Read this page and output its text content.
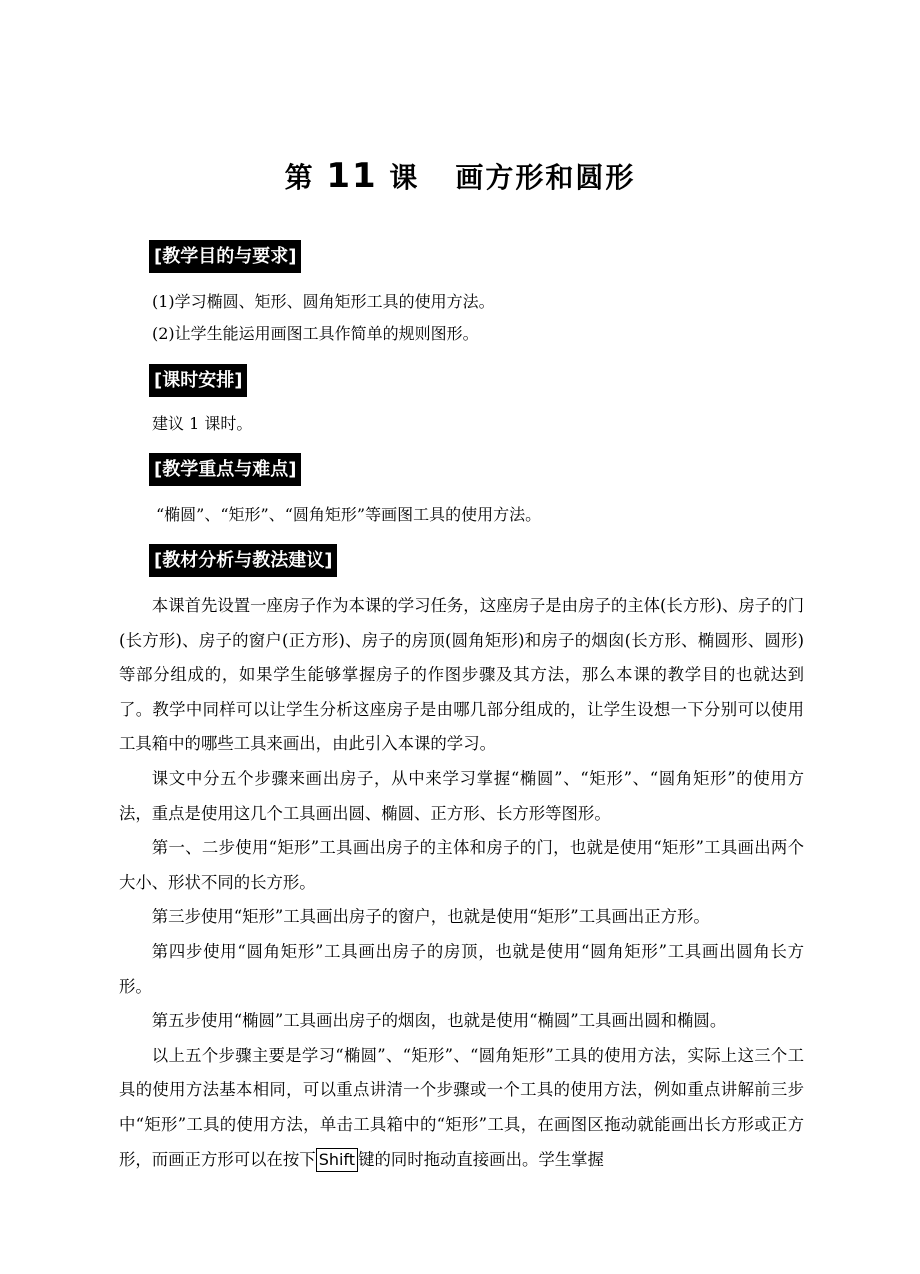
第 11 课 画方形和圆形
[教学目的与要求]

(1)学习椭圆、矩形、圆角矩形工具的使用方法。

(2)让学生能运用画图工具作简单的规则图形。

[课时安排]

建议 1 课时。

[教学重点与难点]

“椭圆”、“矩形”、“圆角矩形”等画图工具的使用方法。

[教材分析与教法建议]

本课首先设置一座房子作为本课的学习任务，这座房子是由房子的主体(长方形)、房子的门(长方形)、房子的窗户(正方形)、房子的房顶(圆角矩形)和房子的烟囱(长方形、椭圆形、圆形)等部分组成的，如果学生能够掌握房子的作图步骤及其方法，那么本课的教学目的也就达到了。教学中同样可以让学生分析这座房子是由哪几部分组成的，让学生设想一下分别可以使用工具箱中的哪些工具来画出，由此引入本课的学习。

课文中分五个步骤来画出房子，从中来学习掌握“椭圆”、“矩形”、“圆角矩形”的使用方法，重点是使用这几个工具画出圆、椭圆、正方形、长方形等图形。

第一、二步使用“矩形”工具画出房子的主体和房子的门，也就是使用“矩形”工具画出两个大小、形状不同的长方形。

第三步使用“矩形”工具画出房子的窗户，也就是使用“矩形”工具画出正方形。

第四步使用“圆角矩形”工具画出房子的房顶，也就是使用“圆角矩形”工具画出圆角长方形。

第五步使用“椭圆”工具画出房子的烟囱，也就是使用“椭圆”工具画出圆和椭圆。

以上五个步骤主要是学习“椭圆”、“矩形”、“圆角矩形”工具的使用方法，实际上这三个工具的使用方法基本相同，可以重点讲清一个步骤或一个工具的使用方法，例如重点讲解前三步中“矩形”工具的使用方法，单击工具箱中的“矩形”工具，在画图区拖动就能画出长方形或正方形，而画正方形可以在按下 Shift 键的同时拖动直接画出。学生掌握
